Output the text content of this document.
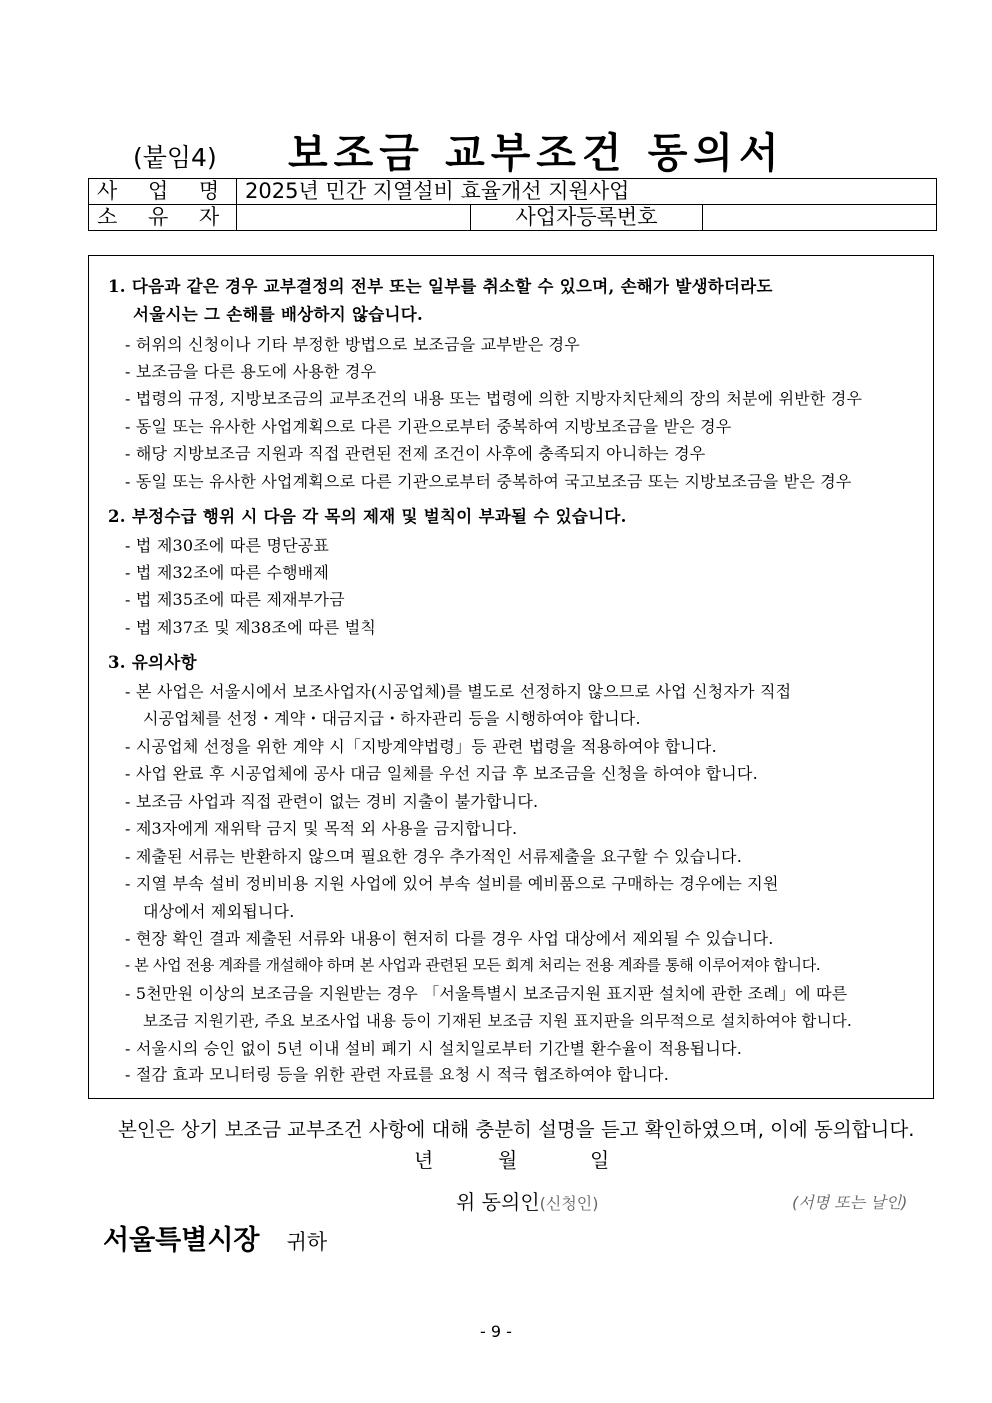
(붙임4) 보조금 교부조건 동의서
사 업 명	2025년 민간 지열설비 효율개선 지원사업		
소 유 자		사업자등록번호	
1. 다음과 같은 경우 교부결정의 전부 또는 일부를 취소할 수 있으며, 손해가 발생하더라도
서울시는 그 손해를 배상하지 않습니다.
- 허위의 신청이나 기타 부정한 방법으로 보조금을 교부받은 경우
- 보조금을 다른 용도에 사용한 경우
- 법령의 규정, 지방보조금의 교부조건의 내용 또는 법령에 의한 지방자치단체의 장의 처분에 위반한 경우
- 동일 또는 유사한 사업계획으로 다른 기관으로부터 중복하여 지방보조금을 받은 경우
- 해당 지방보조금 지원과 직접 관련된 전제 조건이 사후에 충족되지 아니하는 경우
- 동일 또는 유사한 사업계획으로 다른 기관으로부터 중복하여 국고보조금 또는 지방보조금을 받은 경우
2. 부정수급 행위 시 다음 각 목의 제재 및 벌칙이 부과될 수 있습니다.
- 법 제30조에 따른 명단공표
- 법 제32조에 따른 수행배제
- 법 제35조에 따른 제재부가금
- 법 제37조 및 제38조에 따른 벌칙
3. 유의사항
- 본 사업은 서울시에서 보조사업자(시공업체)를 별도로 선정하지 않으므로 사업 신청자가 직접
시공업체를 선정・계약・대금지급・하자관리 등을 시행하여야 합니다.
- 시공업체 선정을 위한 계약 시「지방계약법령」등 관련 법령을 적용하여야 합니다.
- 사업 완료 후 시공업체에 공사 대금 일체를 우선 지급 후 보조금을 신청을 하여야 합니다.
- 보조금 사업과 직접 관련이 없는 경비 지출이 불가합니다.
- 제3자에게 재위탁 금지 및 목적 외 사용을 금지합니다.
- 제출된 서류는 반환하지 않으며 필요한 경우 추가적인 서류제출을 요구할 수 있습니다.
- 지열 부속 설비 정비비용 지원 사업에 있어 부속 설비를 예비품으로 구매하는 경우에는 지원
대상에서 제외됩니다.
- 현장 확인 결과 제출된 서류와 내용이 현저히 다를 경우 사업 대상에서 제외될 수 있습니다.
- 본 사업 전용 계좌를 개설해야 하며 본 사업과 관련된 모든 회계 처리는 전용 계좌를 통해 이루어져야 합니다.
- 5천만원 이상의 보조금을 지원받는 경우 「서울특별시 보조금지원 표지판 설치에 관한 조례」에 따른
보조금 지원기관, 주요 보조사업 내용 등이 기재된 보조금 지원 표지판을 의무적으로 설치하여야 합니다.
- 서울시의 승인 없이 5년 이내 설비 폐기 시 설치일로부터 기간별 환수율이 적용됩니다.
- 절감 효과 모니터링 등을 위한 관련 자료를 요청 시 적극 협조하여야 합니다.
본인은 상기 보조금 교부조건 사항에 대해 충분히 설명을 듣고 확인하였으며, 이에 동의합니다.
년	월	일
위 동의인(신청인)	(서명 또는 날인)
서울특별시장 귀하
- 9 -
